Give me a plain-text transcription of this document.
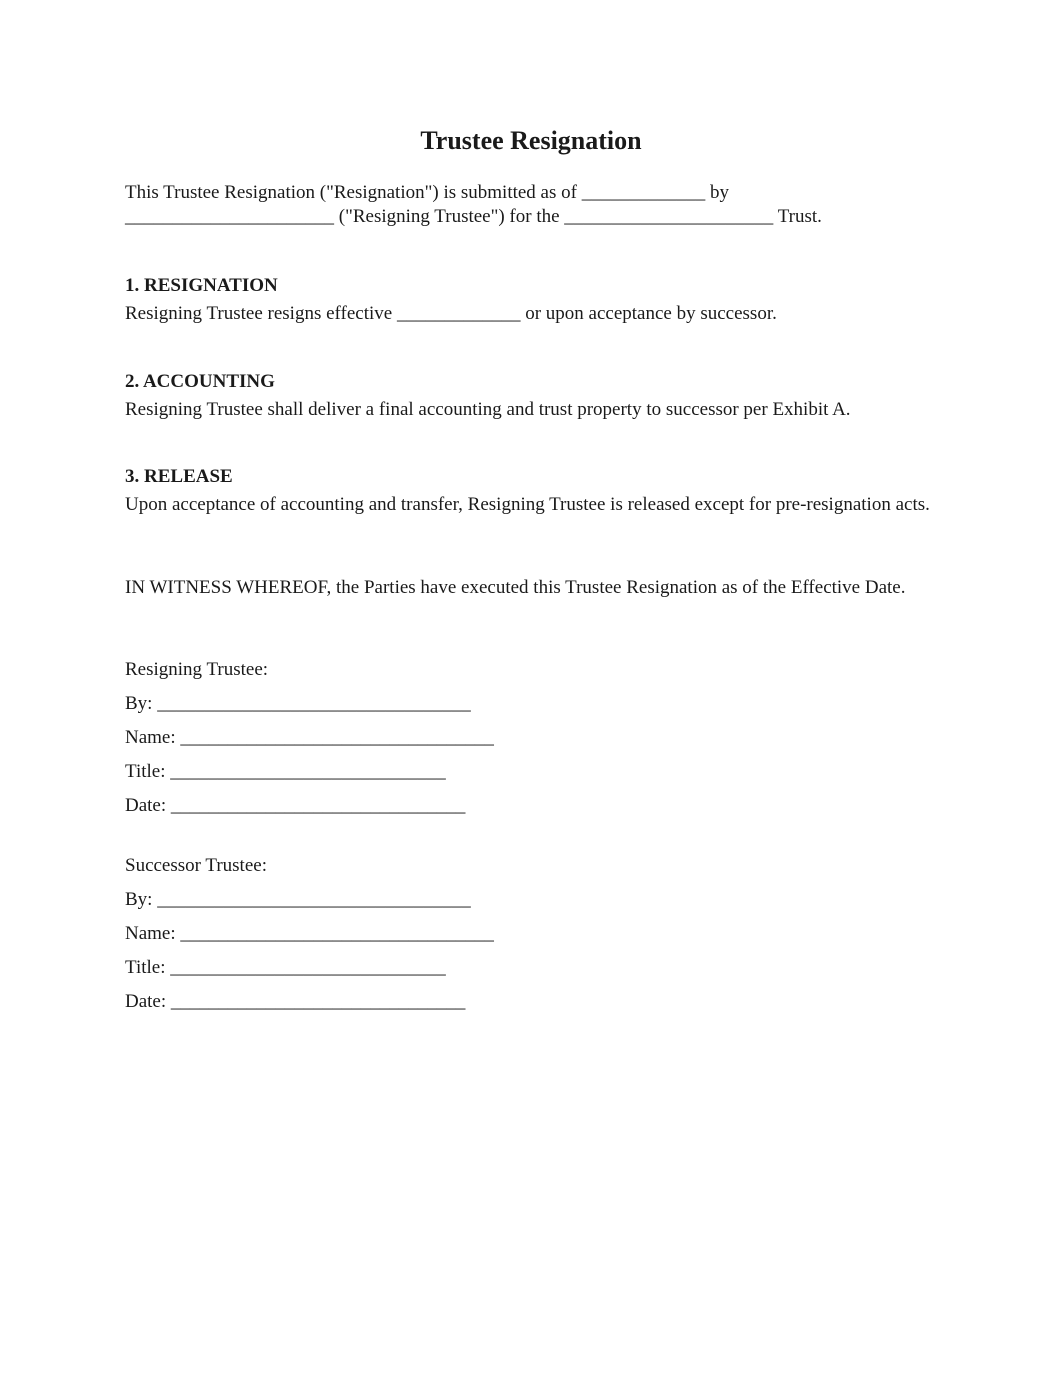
Trustee Resignation
This Trustee Resignation ("Resignation") is submitted as of _____________ by
______________________ ("Resigning Trustee") for the ______________________ Trust.
1. RESIGNATION

Resigning Trustee resigns effective _____________ or upon acceptance by successor.

2. ACCOUNTING

Resigning Trustee shall deliver a final accounting and trust property to successor per Exhibit A.

3. RELEASE

Upon acceptance of accounting and transfer, Resigning Trustee is released except for pre-resignation acts.

IN WITNESS WHEREOF, the Parties have executed this Trustee Resignation as of the Effective Date.

Resigning Trustee:
By: _________________________________
Name: _________________________________
Title: _____________________________
Date: _______________________________
Successor Trustee:
By: _________________________________
Name: _________________________________
Title: _____________________________
Date: _______________________________
